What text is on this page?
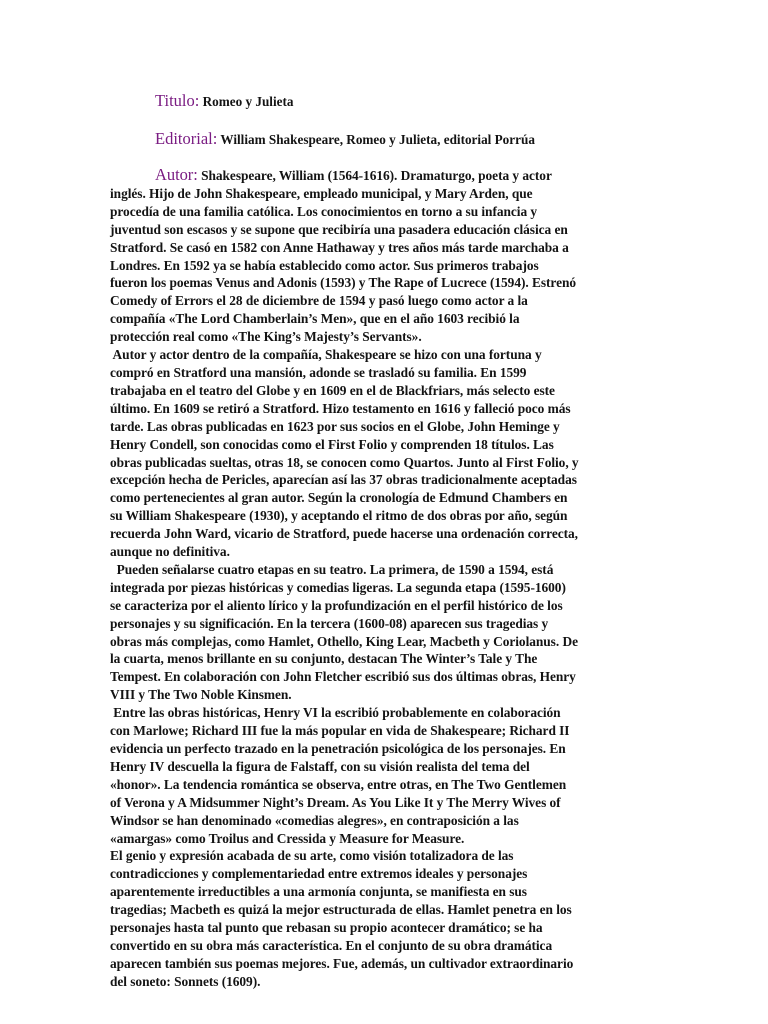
Titulo: Romeo y Julieta

Editorial: William Shakespeare, Romeo y Julieta, editorial Porrúa

Autor: Shakespeare, William (1564-1616). Dramaturgo, poeta y actor

inglés. Hijo de John Shakespeare, empleado municipal, y Mary Arden, que
procedía de una familia católica. Los conocimientos en torno a su infancia y
juventud son escasos y se supone que recibiría una pasadera educación clásica en
Stratford. Se casó en 1582 con Anne Hathaway y tres años más tarde marchaba a
Londres. En 1592 ya se había establecido como actor. Sus primeros trabajos
fueron los poemas Venus and Adonis (1593) y The Rape of Lucrece (1594). Estrenó
Comedy of Errors el 28 de diciembre de 1594 y pasó luego como actor a la
compañía «The Lord Chamberlain’s Men», que en el año 1603 recibió la
protección real como «The King’s Majesty’s Servants».
Autor y actor dentro de la compañía, Shakespeare se hizo con una fortuna y
compró en Stratford una mansión, adonde se trasladó su familia. En 1599
trabajaba en el teatro del Globe y en 1609 en el de Blackfriars, más selecto este
último. En 1609 se retiró a Stratford. Hizo testamento en 1616 y falleció poco más
tarde. Las obras publicadas en 1623 por sus socios en el Globe, John Heminge y
Henry Condell, son conocidas como el First Folio y comprenden 18 títulos. Las
obras publicadas sueltas, otras 18, se conocen como Quartos. Junto al First Folio, y
excepción hecha de Pericles, aparecían así las 37 obras tradicionalmente aceptadas
como pertenecientes al gran autor. Según la cronología de Edmund Chambers en
su William Shakespeare (1930), y aceptando el ritmo de dos obras por año, según
recuerda John Ward, vicario de Stratford, puede hacerse una ordenación correcta,
aunque no definitiva.
Pueden señalarse cuatro etapas en su teatro. La primera, de 1590 a 1594, está
integrada por piezas históricas y comedias ligeras. La segunda etapa (1595-1600)
se caracteriza por el aliento lírico y la profundización en el perfil histórico de los
personajes y su significación. En la tercera (1600-08) aparecen sus tragedias y
obras más complejas, como Hamlet, Othello, King Lear, Macbeth y Coriolanus. De
la cuarta, menos brillante en su conjunto, destacan The Winter’s Tale y The
Tempest. En colaboración con John Fletcher escribió sus dos últimas obras, Henry
VIII y The Two Noble Kinsmen.
Entre las obras históricas, Henry VI la escribió probablemente en colaboración
con Marlowe; Richard III fue la más popular en vida de Shakespeare; Richard II
evidencia un perfecto trazado en la penetración psicológica de los personajes. En
Henry IV descuella la figura de Falstaff, con su visión realista del tema del
«honor». La tendencia romántica se observa, entre otras, en The Two Gentlemen
of Verona y A Midsummer Night’s Dream. As You Like It y The Merry Wives of
Windsor se han denominado «comedias alegres», en contraposición a las
«amargas» como Troilus and Cressida y Measure for Measure.
El genio y expresión acabada de su arte, como visión totalizadora de las
contradicciones y complementariedad entre extremos ideales y personajes
aparentemente irreductibles a una armonía conjunta, se manifiesta en sus
tragedias; Macbeth es quizá la mejor estructurada de ellas. Hamlet penetra en los
personajes hasta tal punto que rebasan su propio acontecer dramático; se ha
convertido en su obra más característica. En el conjunto de su obra dramática
aparecen también sus poemas mejores. Fue, además, un cultivador extraordinario
del soneto: Sonnets (1609).
